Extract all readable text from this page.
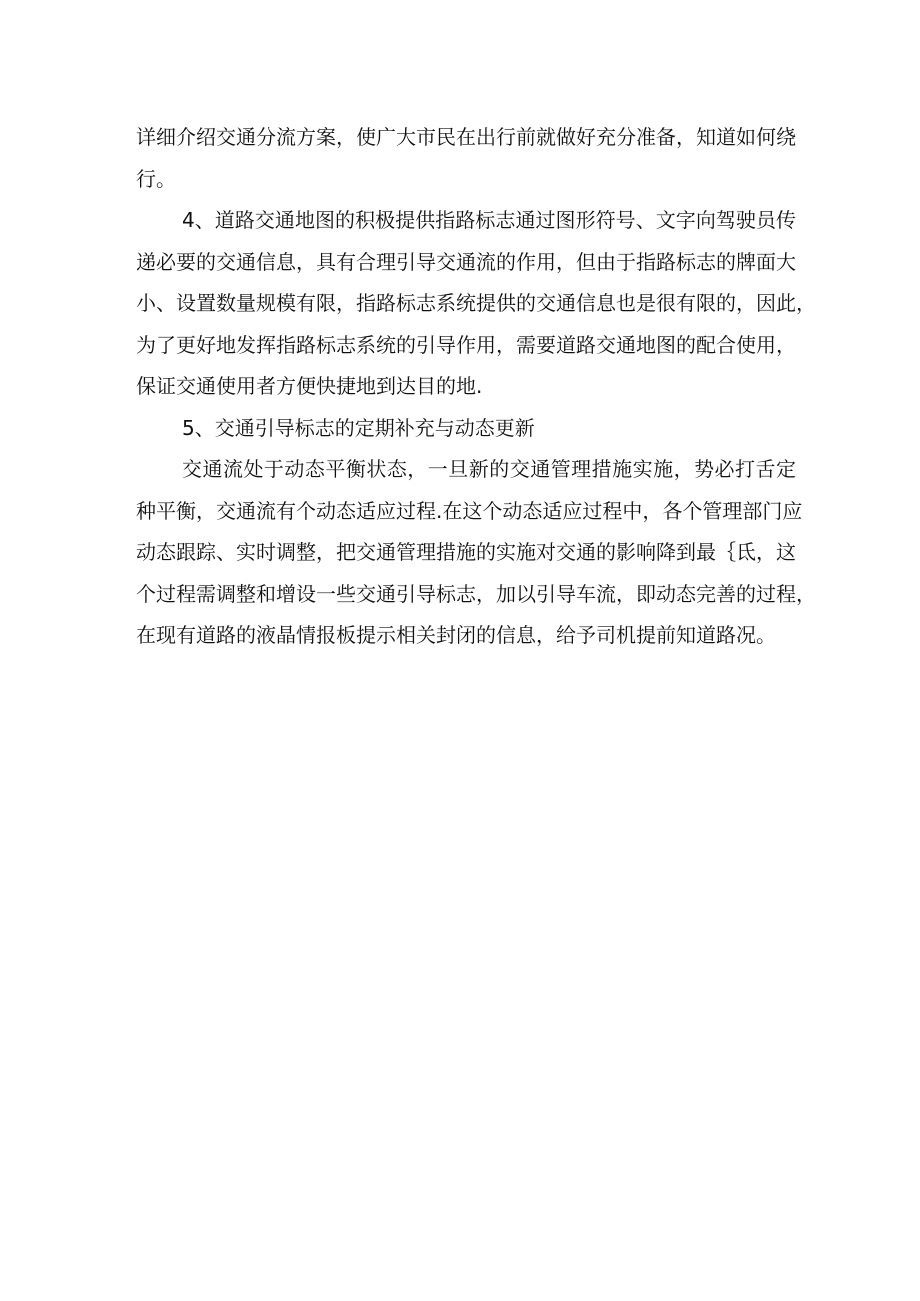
详细介绍交通分流方案，使广大市民在出行前就做好充分准备，知道如何绕
行。
4、道路交通地图的积极提供指路标志通过图形符号、文字向驾驶员传
递必要的交通信息，具有合理引导交通流的作用，但由于指路标志的牌面大
小、设置数量规模有限，指路标志系统提供的交通信息也是很有限的，因此，
为了更好地发挥指路标志系统的引导作用，需要道路交通地图的配合使用，
保证交通使用者方便快捷地到达目的地.
5、交通引导标志的定期补充与动态更新
交通流处于动态平衡状态，一旦新的交通管理措施实施，势必打舌定
种平衡，交通流有个动态适应过程.在这个动态适应过程中，各个管理部门应
动态跟踪、实时调整，把交通管理措施的实施对交通的影响降到最｛氐，这
个过程需调整和增设一些交通引导标志，加以引导车流，即动态完善的过程，
在现有道路的液晶情报板提示相关封闭的信息，给予司机提前知道路况。
